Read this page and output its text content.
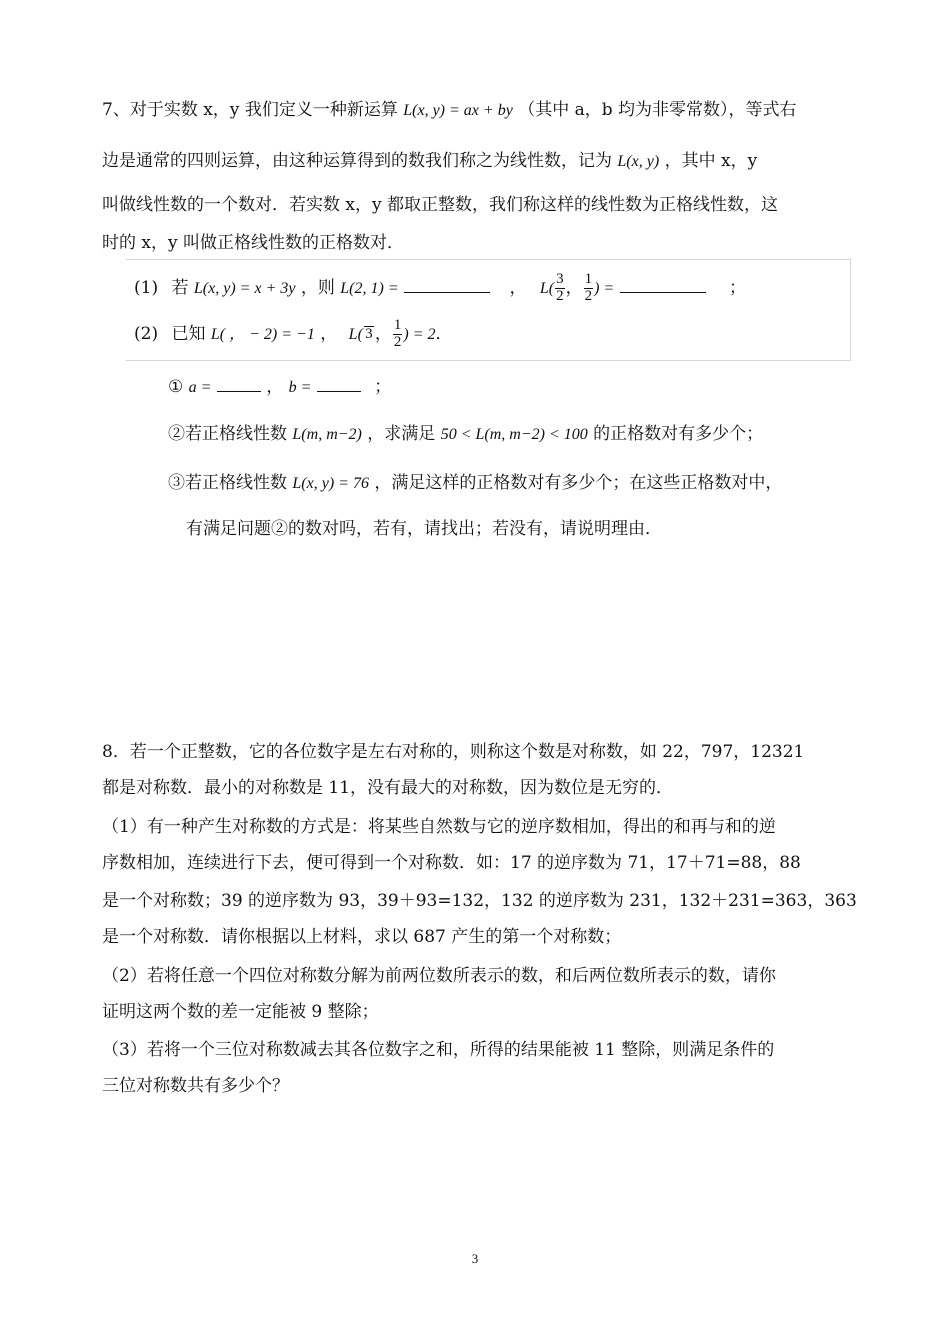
7、对于实数 x，y 我们定义一种新运算 L(x, y) = ax + by （其中 a，b 均为非零常数），等式右
边是通常的四则运算，由这种运算得到的数我们称之为线性数，记为 L(x, y) ，其中 x，y
叫做线性数的一个数对．若实数 x，y 都取正整数，我们称这样的线性数为正格线性数，这
时的 x，y 叫做正格线性数的正格数对．
(1) 若 L(x, y) = x + 3y ，则 L(2, 1) =	， $L( \frac{3}{2}$ ， $\frac{1}{2}$ ) =	；
(2) 已知 L( ， − 2) = −1 ， L( 3 ， $\frac{1}{2}$ ) = 2．
① a =	， b =	；
②若正格线性数 L(m, m−2) ，求满足 50 < L(m, m−2) < 100 的正格数对有多少个；
③若正格线性数 L(x, y) = 76 ，满足这样的正格数对有多少个；在这些正格数对中，
有满足问题②的数对吗，若有，请找出；若没有，请说明理由．
8．若一个正整数，它的各位数字是左右对称的，则称这个数是对称数，如 22，797，12321
都是对称数．最小的对称数是 11，没有最大的对称数，因为数位是无穷的．
（1）有一种产生对称数的方式是：将某些自然数与它的逆序数相加，得出的和再与和的逆
序数相加，连续进行下去，便可得到一个对称数．如：17 的逆序数为 71，17＋71=88，88
是一个对称数；39 的逆序数为 93，39＋93=132，132 的逆序数为 231，132＋231=363，363
是一个对称数．请你根据以上材料，求以 687 产生的第一个对称数；
（2）若将任意一个四位对称数分解为前两位数所表示的数，和后两位数所表示的数，请你
证明这两个数的差一定能被 9 整除；
（3）若将一个三位对称数减去其各位数字之和，所得的结果能被 11 整除，则满足条件的
三位对称数共有多少个？
3
